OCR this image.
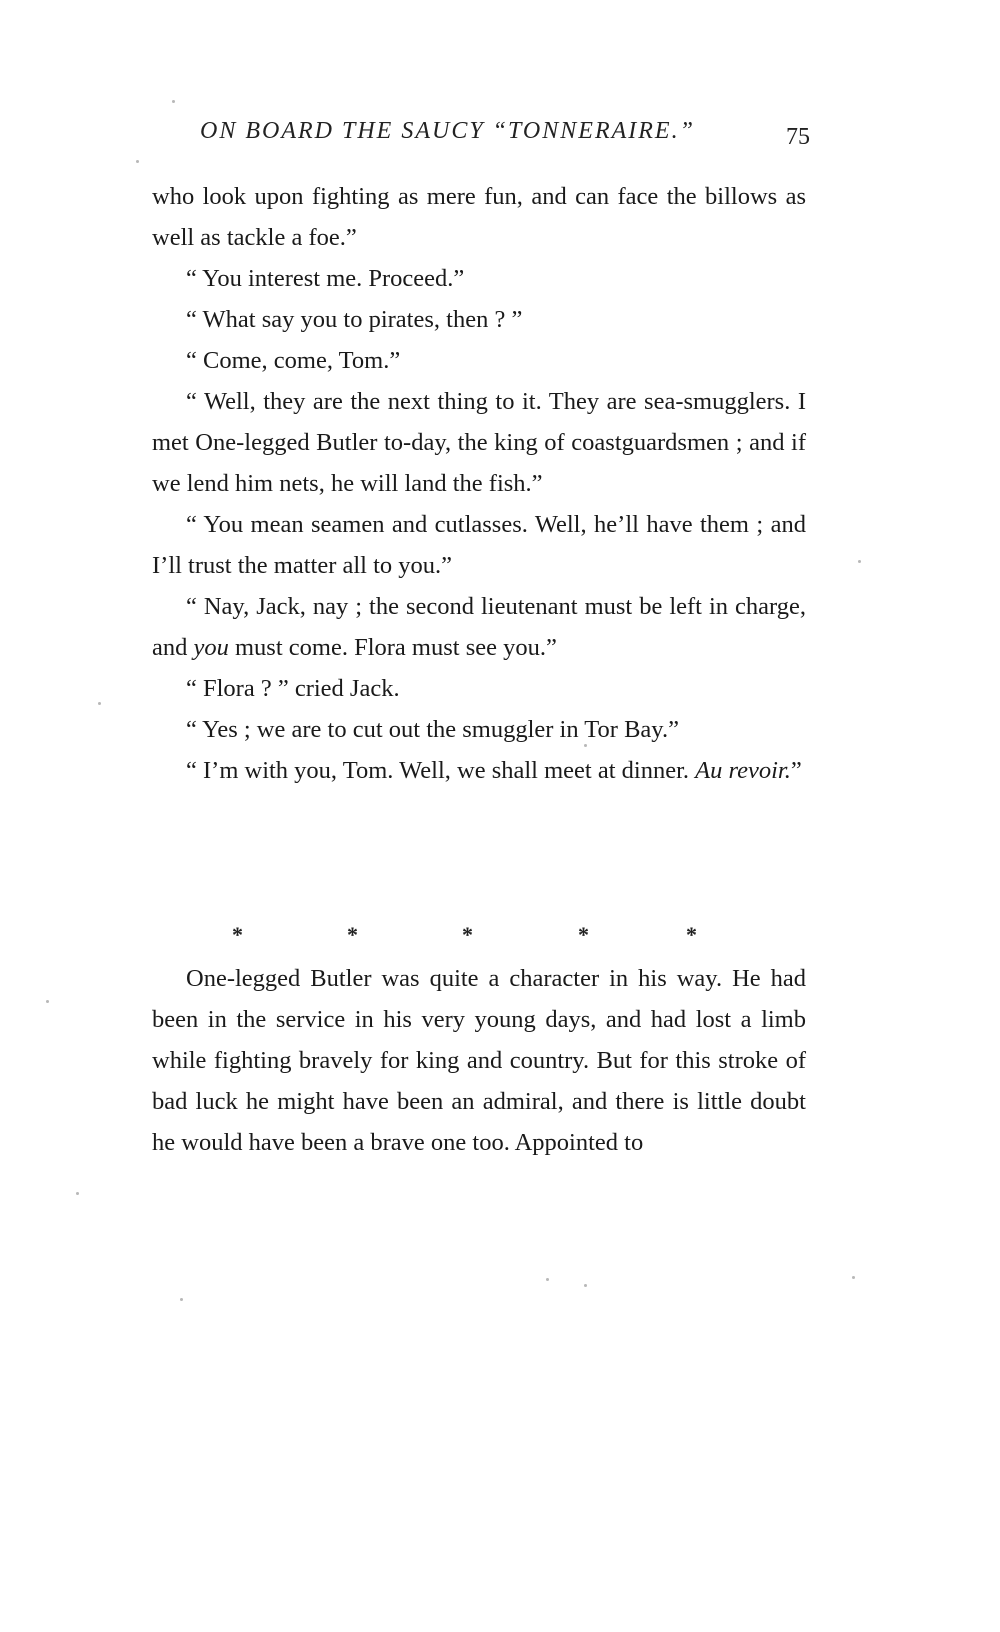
ON BOARD THE SAUCY “TONNERAIRE.”	75

who look upon fighting as mere fun, and can face the billows as well as tackle a foe.”

“ You interest me. Proceed.”

“ What say you to pirates, then ? ”

“ Come, come, Tom.”

“ Well, they are the next thing to it. They are sea-smugglers. I met One-legged Butler to-day, the king of coastguardsmen ; and if we lend him nets, he will land the fish.”

“ You mean seamen and cutlasses. Well, he’ll have them ; and I’ll trust the matter all to you.”

“ Nay, Jack, nay ; the second lieutenant must be left in charge, and you must come. Flora must see you.”

“ Flora ? ” cried Jack.

“ Yes ; we are to cut out the smuggler in Tor Bay.”

“ I’m with you, Tom. Well, we shall meet at dinner. Au revoir.”

*	*	*	*	*

One-legged Butler was quite a character in his way. He had been in the service in his very young days, and had lost a limb while fighting bravely for king and country. But for this stroke of bad luck he might have been an admiral, and there is little doubt he would have been a brave one too. Appointed to
